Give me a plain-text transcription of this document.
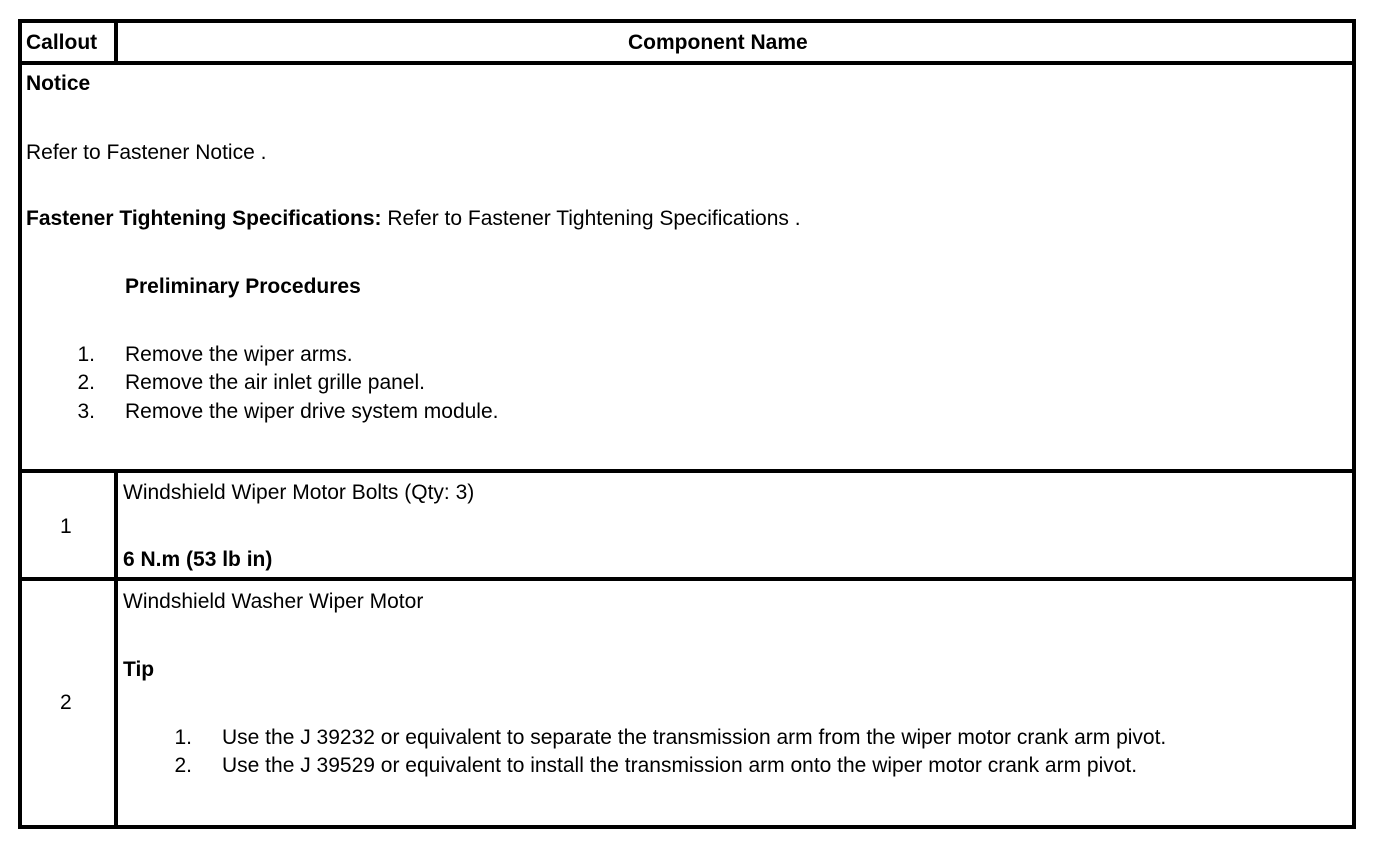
Callout	Component Name
Notice
Refer to Fastener Notice .
Fastener Tightening Specifications: Refer to Fastener Tightening Specifications .
Preliminary Procedures
1. Remove the wiper arms.
2. Remove the air inlet grille panel.
3. Remove the wiper drive system module.
1
Windshield Wiper Motor Bolts (Qty: 3)
6 N.m (53 lb in)
2
Windshield Washer Wiper Motor
Tip
1. Use the J 39232 or equivalent to separate the transmission arm from the wiper motor crank arm pivot.
2. Use the J 39529 or equivalent to install the transmission arm onto the wiper motor crank arm pivot.
